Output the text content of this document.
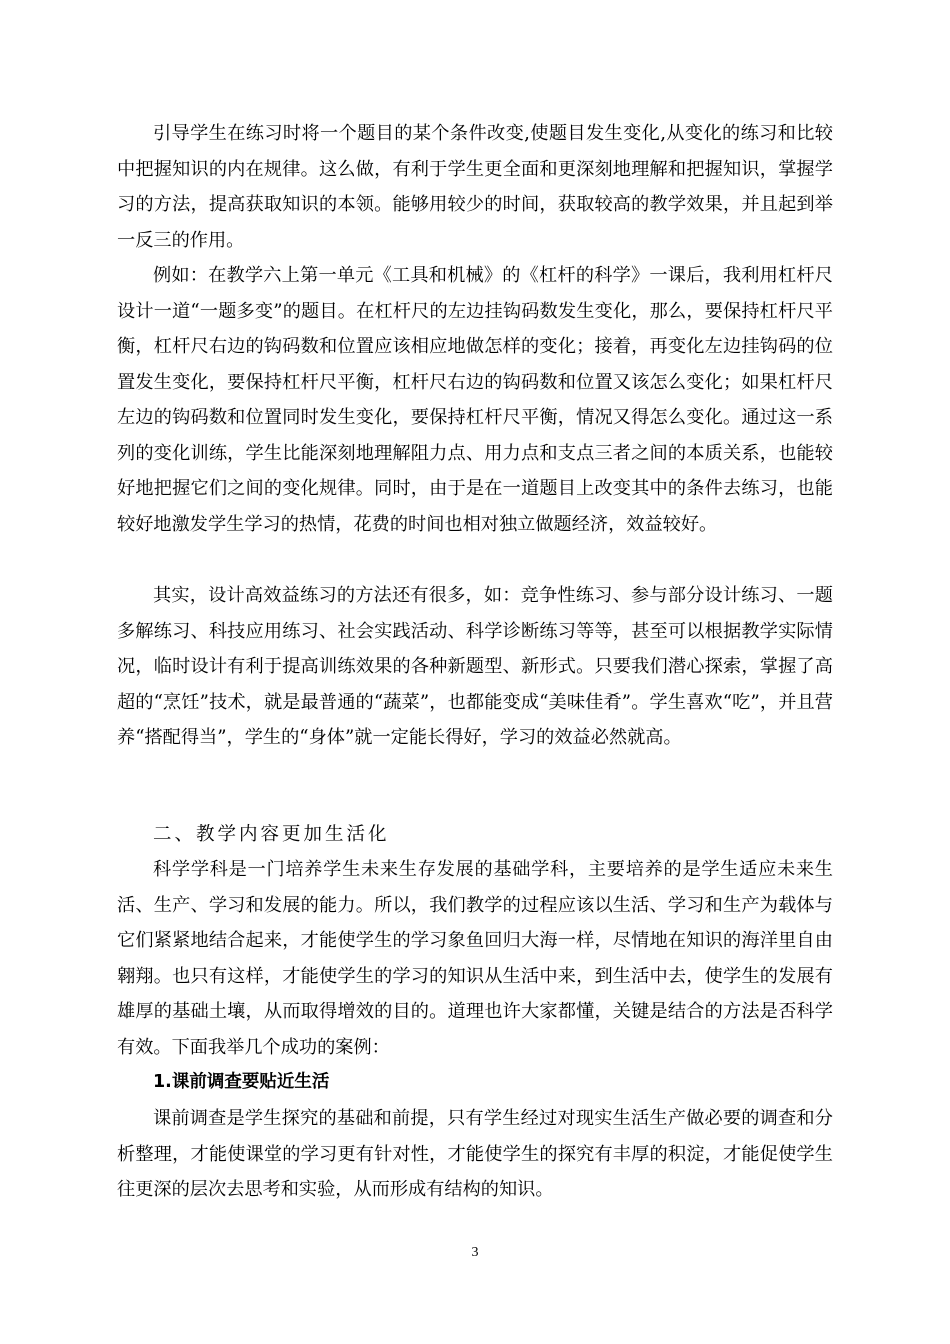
引导学生在练习时将一个题目的某个条件改变,使题目发生变化,从变化的练习和比较中把握知识的内在规律。这么做，有利于学生更全面和更深刻地理解和把握知识，掌握学习的方法，提高获取知识的本领。能够用较少的时间，获取较高的教学效果，并且起到举一反三的作用。

例如：在教学六上第一单元《工具和机械》的《杠杆的科学》一课后，我利用杠杆尺设计一道“一题多变”的题目。在杠杆尺的左边挂钩码数发生变化，那么，要保持杠杆尺平衡，杠杆尺右边的钩码数和位置应该相应地做怎样的变化；接着，再变化左边挂钩码的位置发生变化，要保持杠杆尺平衡，杠杆尺右边的钩码数和位置又该怎么变化；如果杠杆尺左边的钩码数和位置同时发生变化，要保持杠杆尺平衡，情况又得怎么变化。通过这一系列的变化训练，学生比能深刻地理解阻力点、用力点和支点三者之间的本质关系，也能较好地把握它们之间的变化规律。同时，由于是在一道题目上改变其中的条件去练习，也能较好地激发学生学习的热情，花费的时间也相对独立做题经济，效益较好。

其实，设计高效益练习的方法还有很多，如：竞争性练习、参与部分设计练习、一题多解练习、科技应用练习、社会实践活动、科学诊断练习等等，甚至可以根据教学实际情况，临时设计有利于提高训练效果的各种新题型、新形式。只要我们潜心探索，掌握了高超的“烹饪”技术，就是最普通的“蔬菜”，也都能变成“美味佳肴”。学生喜欢“吃”，并且营养“搭配得当”，学生的“身体”就一定能长得好，学习的效益必然就高。

二、教学内容更加生活化

科学学科是一门培养学生未来生存发展的基础学科，主要培养的是学生适应未来生活、生产、学习和发展的能力。所以，我们教学的过程应该以生活、学习和生产为载体与它们紧紧地结合起来，才能使学生的学习象鱼回归大海一样，尽情地在知识的海洋里自由翱翔。也只有这样，才能使学生的学习的知识从生活中来，到生活中去，使学生的发展有雄厚的基础土壤，从而取得增效的目的。道理也许大家都懂，关键是结合的方法是否科学有效。下面我举几个成功的案例：

1.课前调查要贴近生活

课前调查是学生探究的基础和前提，只有学生经过对现实生活生产做必要的调查和分析整理，才能使课堂的学习更有针对性，才能使学生的探究有丰厚的积淀，才能促使学生往更深的层次去思考和实验，从而形成有结构的知识。

3
